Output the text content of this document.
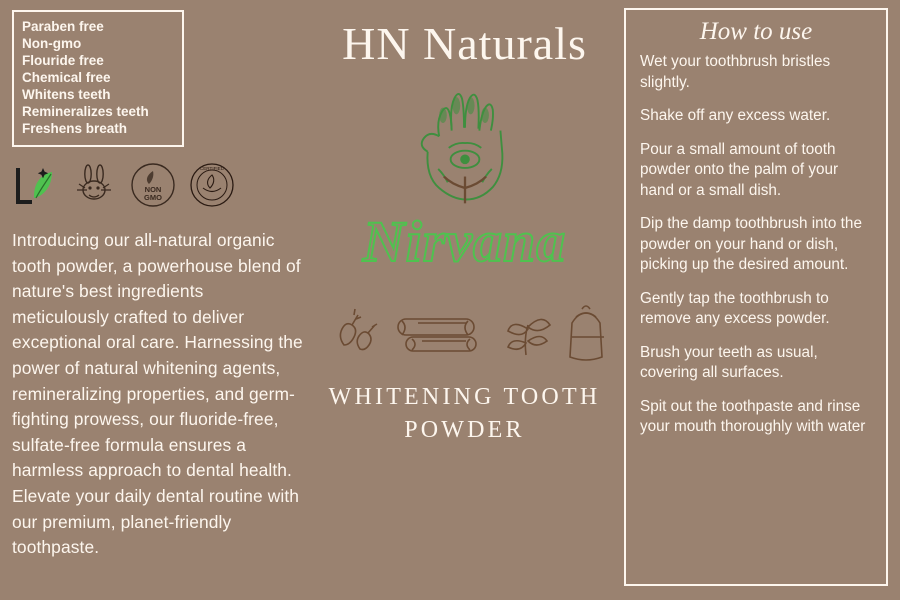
Paraben free
Non-gmo
Flouride free
Chemical free
Whitens teeth
Remineralizes teeth
Freshens breath
NON
GMO
CERTIFIED
Introducing our all-natural organic tooth powder, a powerhouse blend of nature's best ingredients meticulously crafted to deliver exceptional oral care. Harnessing the power of natural whitening agents, remineralizing properties, and germ-fighting prowess, our fluoride-free, sulfate-free formula ensures a harmless approach to dental health. Elevate your daily dental routine with our premium, planet-friendly toothpaste.
HN Naturals
Nirvana
WHITENING TOOTH
POWDER
How to use

Wet your toothbrush bristles slightly.

Shake off any excess water.

Pour a small amount of tooth powder onto the palm of your hand or a small dish.

Dip the damp toothbrush into the powder on your hand or dish, picking up the desired amount.

Gently tap the toothbrush to remove any excess powder.

Brush your teeth as usual, covering all surfaces.

Spit out the toothpaste and rinse your mouth thoroughly with water
